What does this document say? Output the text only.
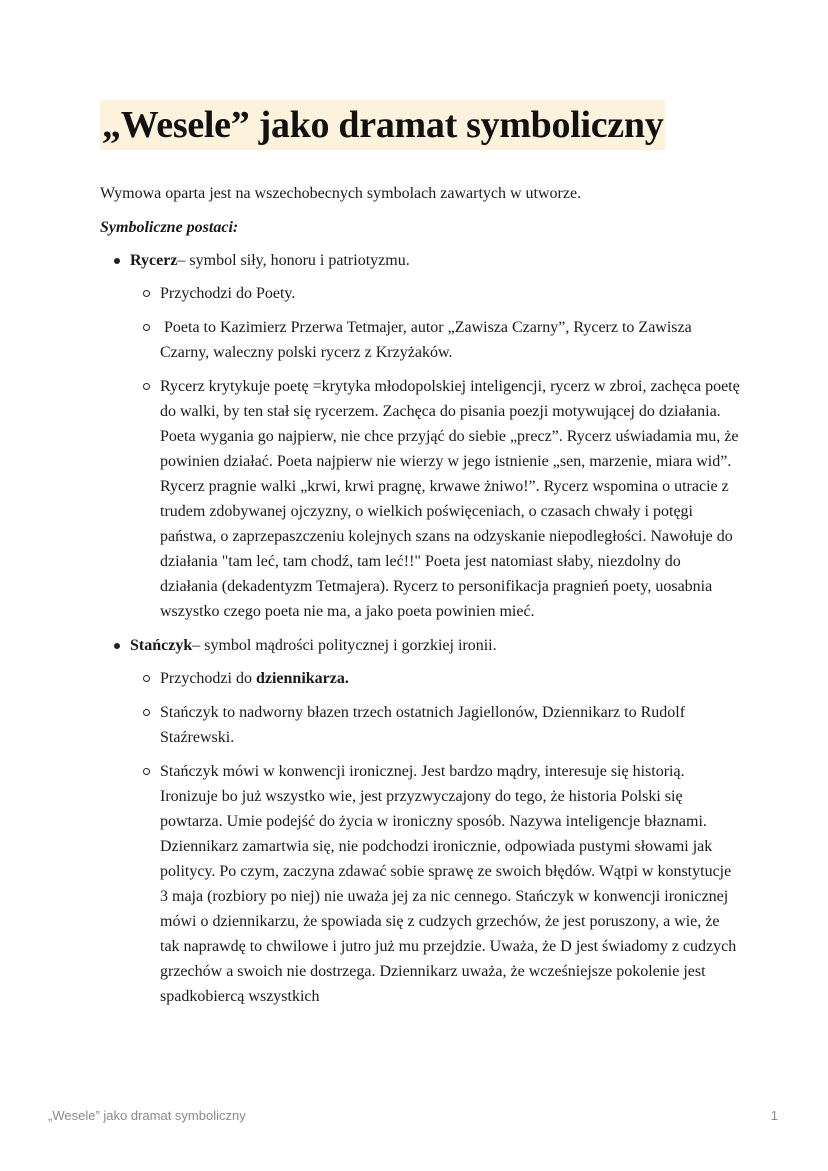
„Wesele” jako dramat symboliczny

Wymowa oparta jest na wszechobecnych symbolach zawartych w utworze.

Symboliczne postaci:

Rycerz– symbol siły, honoru i patriotyzmu.
Przychodzi do Poety.
Poeta to Kazimierz Przerwa Tetmajer, autor „Zawisza Czarny”, Rycerz to Zawisza Czarny, waleczny polski rycerz z Krzyżaków.
Rycerz krytykuje poetę =krytyka młodopolskiej inteligencji, rycerz w zbroi, zachęca poetę do walki, by ten stał się rycerzem. Zachęca do pisania poezji motywującej do działania. Poeta wygania go najpierw, nie chce przyjąć do siebie „precz”. Rycerz uświadamia mu, że powinien działać. Poeta najpierw nie wierzy w jego istnienie „sen, marzenie, miara wid”. Rycerz pragnie walki „krwi, krwi pragnę, krwawe żniwo!”. Rycerz wspomina o utracie z trudem zdobywanej ojczyzny, o wielkich poświęceniach, o czasach chwały i potęgi państwa, o zaprzepaszczeniu kolejnych szans na odzyskanie niepodległości. Nawołuje do działania "tam leć, tam chodź, tam leć!!" Poeta jest natomiast słaby, niezdolny do działania (dekadentyzm Tetmajera). Rycerz to personifikacja pragnień poety, uosabnia wszystko czego poeta nie ma, a jako poeta powinien mieć.
Stańczyk– symbol mądrości politycznej i gorzkiej ironii.
Przychodzi do dziennikarza.
Stańczyk to nadworny błazen trzech ostatnich Jagiellonów, Dziennikarz to Rudolf Staźrewski.
Stańczyk mówi w konwencji ironicznej. Jest bardzo mądry, interesuje się historią. Ironizuje bo już wszystko wie, jest przyzwyczajony do tego, że historia Polski się powtarza. Umie podejść do życia w ironiczny sposób. Nazywa inteligencje błaznami. Dziennikarz zamartwia się, nie podchodzi ironicznie, odpowiada pustymi słowami jak politycy. Po czym, zaczyna zdawać sobie sprawę ze swoich błędów. Wątpi w konstytucje 3 maja (rozbiory po niej) nie uważa jej za nic cennego. Stańczyk w konwencji ironicznej mówi o dziennikarzu, że spowiada się z cudzych grzechów, że jest poruszony, a wie, że tak naprawdę to chwilowe i jutro już mu przejdzie. Uważa, że D jest świadomy z cudzych grzechów a swoich nie dostrzega. Dziennikarz uważa, że wcześniejsze pokolenie jest spadkobiercą wszystkich
„Wesele” jako dramat symboliczny	1
